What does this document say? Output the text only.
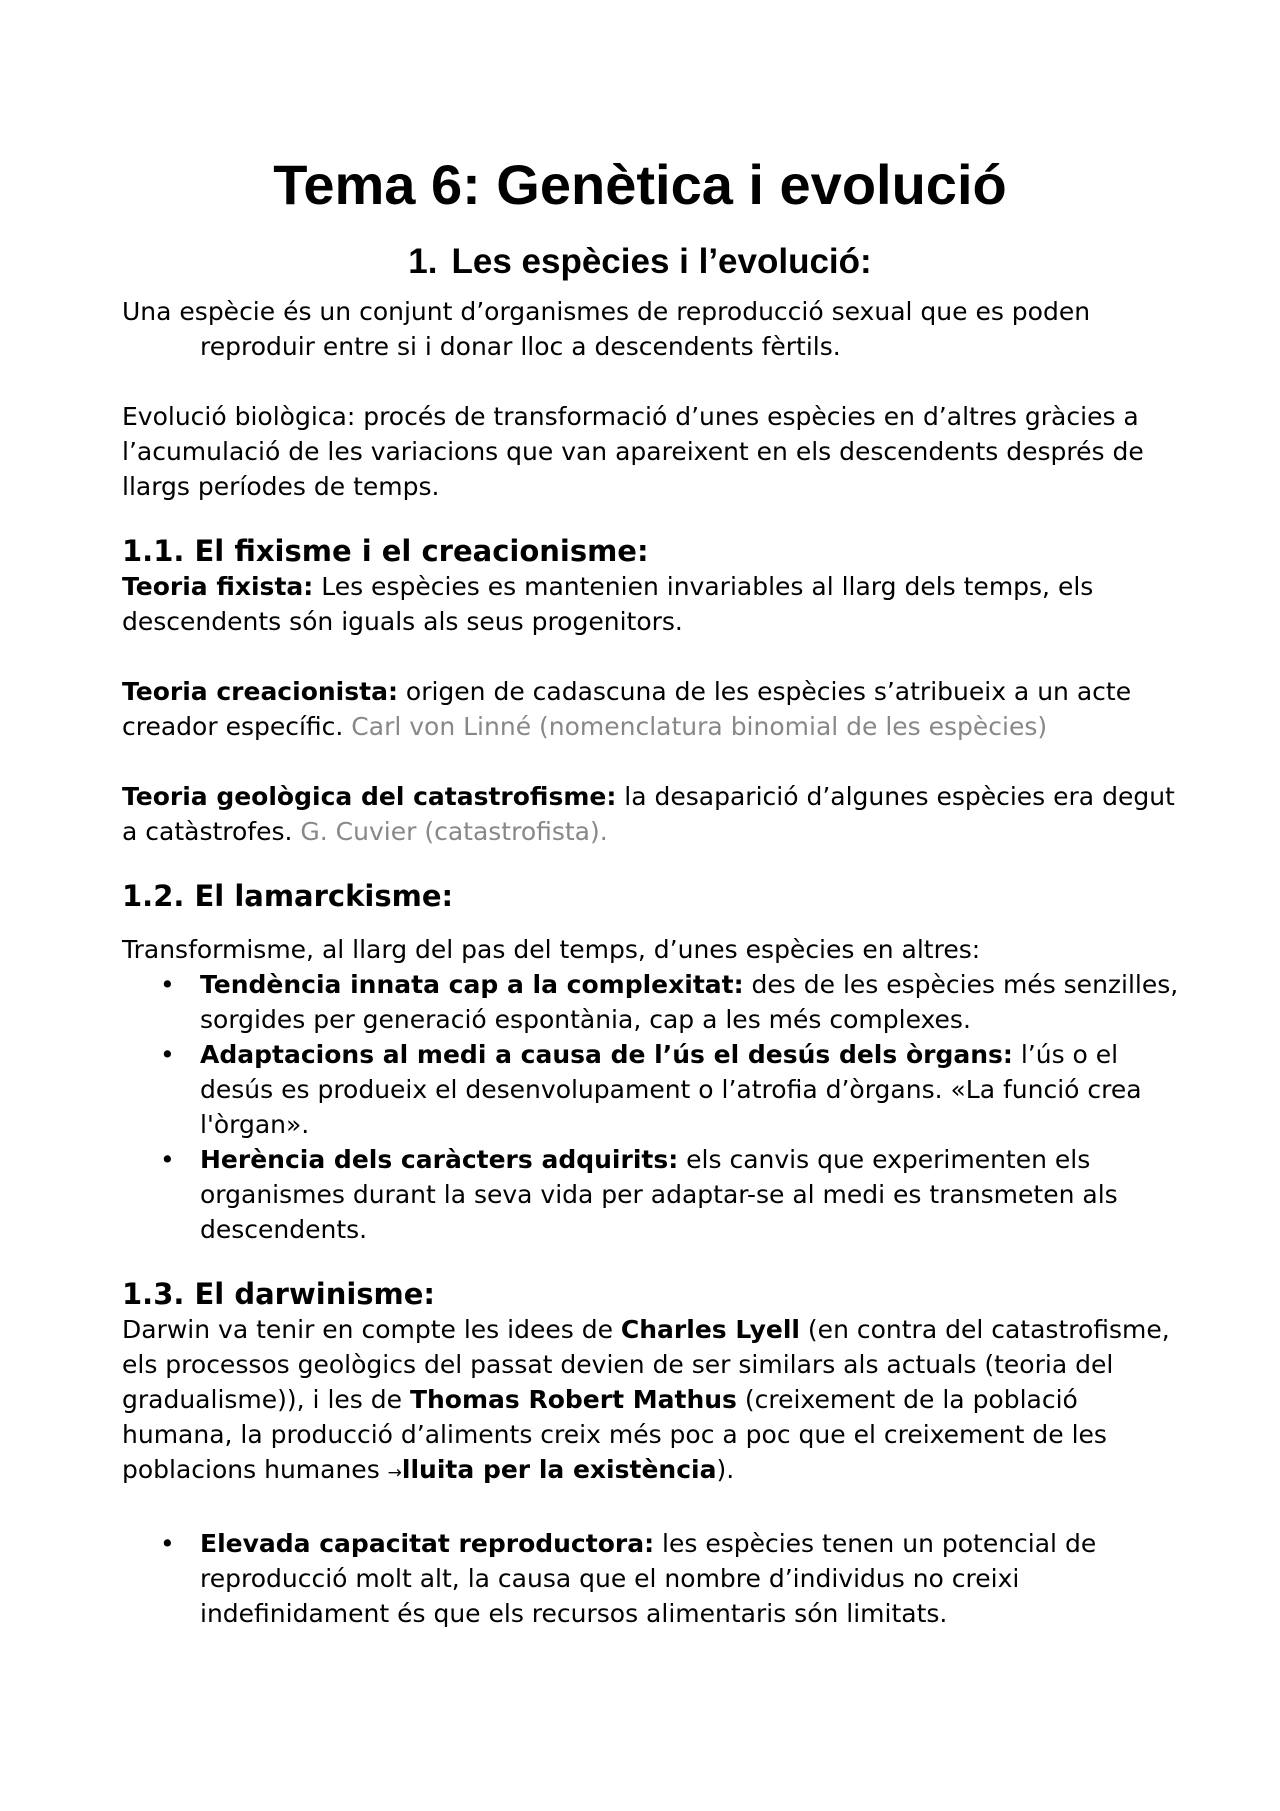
Tema 6: Genètica i evolució
1. Les espècies i l’evolució:

Una espècie és un conjunt d’organismes de reproducció sexual que es poden reproduir entre si i donar lloc a descendents fèrtils.

Evolució biològica: procés de transformació d’unes espècies en d’altres gràcies a l’acumulació de les variacions que van apareixent en els descendents després de llargs períodes de temps.

1.1. El fixisme i el creacionisme:

Teoria fixista: Les espècies es mantenien invariables al llarg dels temps, els descendents són iguals als seus progenitors.

Teoria creacionista: origen de cadascuna de les espècies s’atribueix a un acte creador específic. Carl von Linné (nomenclatura binomial de les espècies)

Teoria geològica del catastrofisme: la desaparició d’algunes espècies era degut a catàstrofes. G. Cuvier (catastrofista).

1.2. El lamarckisme:

Transformisme, al llarg del pas del temps, d’unes espècies en altres:

• Tendència innata cap a la complexitat: des de les espècies més senzilles, sorgides per generació espontània, cap a les més complexes.
• Adaptacions al medi a causa de l’ús el desús dels òrgans: l’ús o el desús es produeix el desenvolupament o l’atrofia d’òrgans. «La funció crea l'òrgan».
• Herència dels caràcters adquirits: els canvis que experimenten els organismes durant la seva vida per adaptar-se al medi es transmeten als descendents.
1.3. El darwinisme:

Darwin va tenir en compte les idees de Charles Lyell (en contra del catastrofisme, els processos geològics del passat devien de ser similars als actuals (teoria del gradualisme)), i les de Thomas Robert Mathus (creixement de la població humana, la producció d’aliments creix més poc a poc que el creixement de les poblacions humanes →lluita per la existència).

• Elevada capacitat reproductora: les espècies tenen un potencial de reproducció molt alt, la causa que el nombre d’individus no creixi indefinidament és que els recursos alimentaris són limitats.
